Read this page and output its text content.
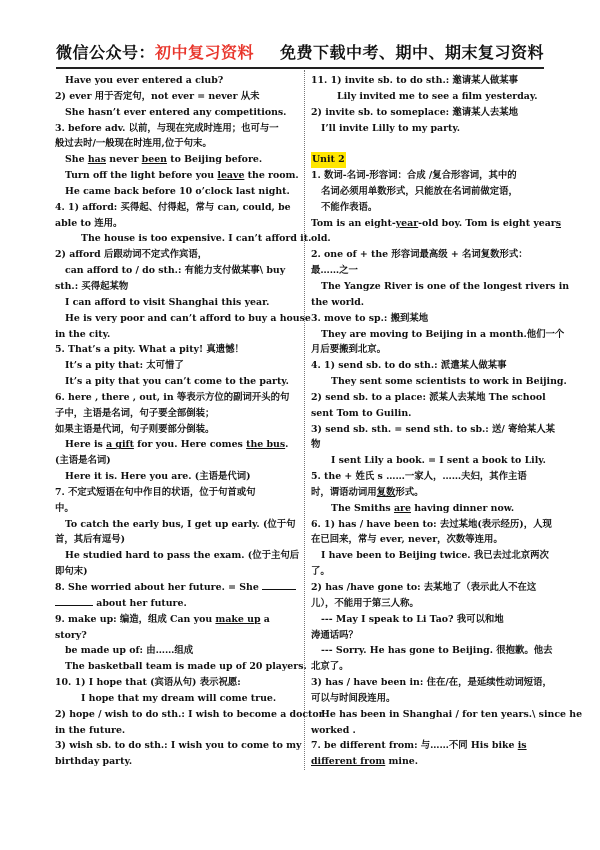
微信公众号：初中复习资料 免费下载中考、期中、期末复习资料
Have you ever entered a club?
2) ever 用于否定句，not ever = never 从未
She hasn’t ever entered any competitions.
3. before adv. 以前，与现在完成时连用；也可与一
般过去时/一般现在时连用,位于句末。
She has never been to Beijing before.
Turn off the light before you leave the room.
He came back before 10 o’clock last night.
4. 1) afford: 买得起、付得起，常与 can, could, be
able to 连用。
The house is too expensive. I can’t afford it.
2) afford 后跟动词不定式作宾语，
can afford to / do sth.: 有能力支付做某事\ buy
sth.: 买得起某物
I can afford to visit Shanghai this year.
He is very poor and can’t afford to buy a house
in the city.
5. That’s a pity. What a pity! 真遗憾！
It’s a pity that: 太可惜了
It’s a pity that you can’t come to the party.
6. here , there , out, in 等表示方位的副词开头的句
子中，主语是名词，句子要全部倒装；
如果主语是代词，句子则要部分倒装。
Here is a gift for you. Here comes the bus.
(主语是名词)
Here it is. Here you are. (主语是代词)
7. 不定式短语在句中作目的状语，位于句首或句
中。
To catch the early bus, I get up early. (位于句
首，其后有逗号)
He studied hard to pass the exam. (位于主句后
即句末)
8. She worried about her future. = She
about her future.
9. make up: 编造，组成 Can you make up a
story?
be made up of: 由……组成
The basketball team is made up of 20 players.
10. 1) I hope that (宾语从句) 表示祝愿:
I hope that my dream will come true.
2) hope / wish to do sth.: I wish to become a doctor
in the future.
3) wish sb. to do sth.: I wish you to come to my
birthday party.
11. 1) invite sb. to do sth.: 邀请某人做某事
Lily invited me to see a film yesterday.
2) invite sb. to someplace: 邀请某人去某地
I’ll invite Lilly to my party.

Unit 2
1. 数词-名词-形容词：合成 /复合形容词，其中的
名词必须用单数形式，只能放在名词前做定语，
不能作表语。
Tom is an eight-year-old boy. Tom is eight years
old.
2. one of + the 形容词最高级 + 名词复数形式：
最……之一
The Yangze River is one of the longest rivers in
the world.
3. move to sp.: 搬到某地
They are moving to Beijing in a month.他们一个
月后要搬到北京。
4. 1) send sb. to do sth.: 派遣某人做某事
They sent some scientists to work in Beijing.
2) send sb. to a place: 派某人去某地 The school
sent Tom to Guilin.
3) send sb. sth. = send sth. to sb.: 送/ 寄给某人某
物
I sent Lily a book. = I sent a book to Lily.
5. the + 姓氏 s ……一家人，……夫妇，其作主语
时，谓语动词用复数形式。
The Smiths are having dinner now.
6. 1) has / have been to: 去过某地(表示经历)，人现
在已回来，常与 ever, never，次数等连用。
I have been to Beijing twice. 我已去过北京两次
了。
2) has /have gone to: 去某地了（表示此人不在这
儿），不能用于第三人称。
--- May I speak to Li Tao? 我可以和地
涛通话吗？
--- Sorry. He has gone to Beijing. 很抱歉。他去
北京了。
3) has / have been in: 住在/在，是延续性动词短语，
可以与时间段连用。
He has been in Shanghai / for ten years.\ since he
worked .
7. be different from: 与……不同 His bike is
different from mine.
